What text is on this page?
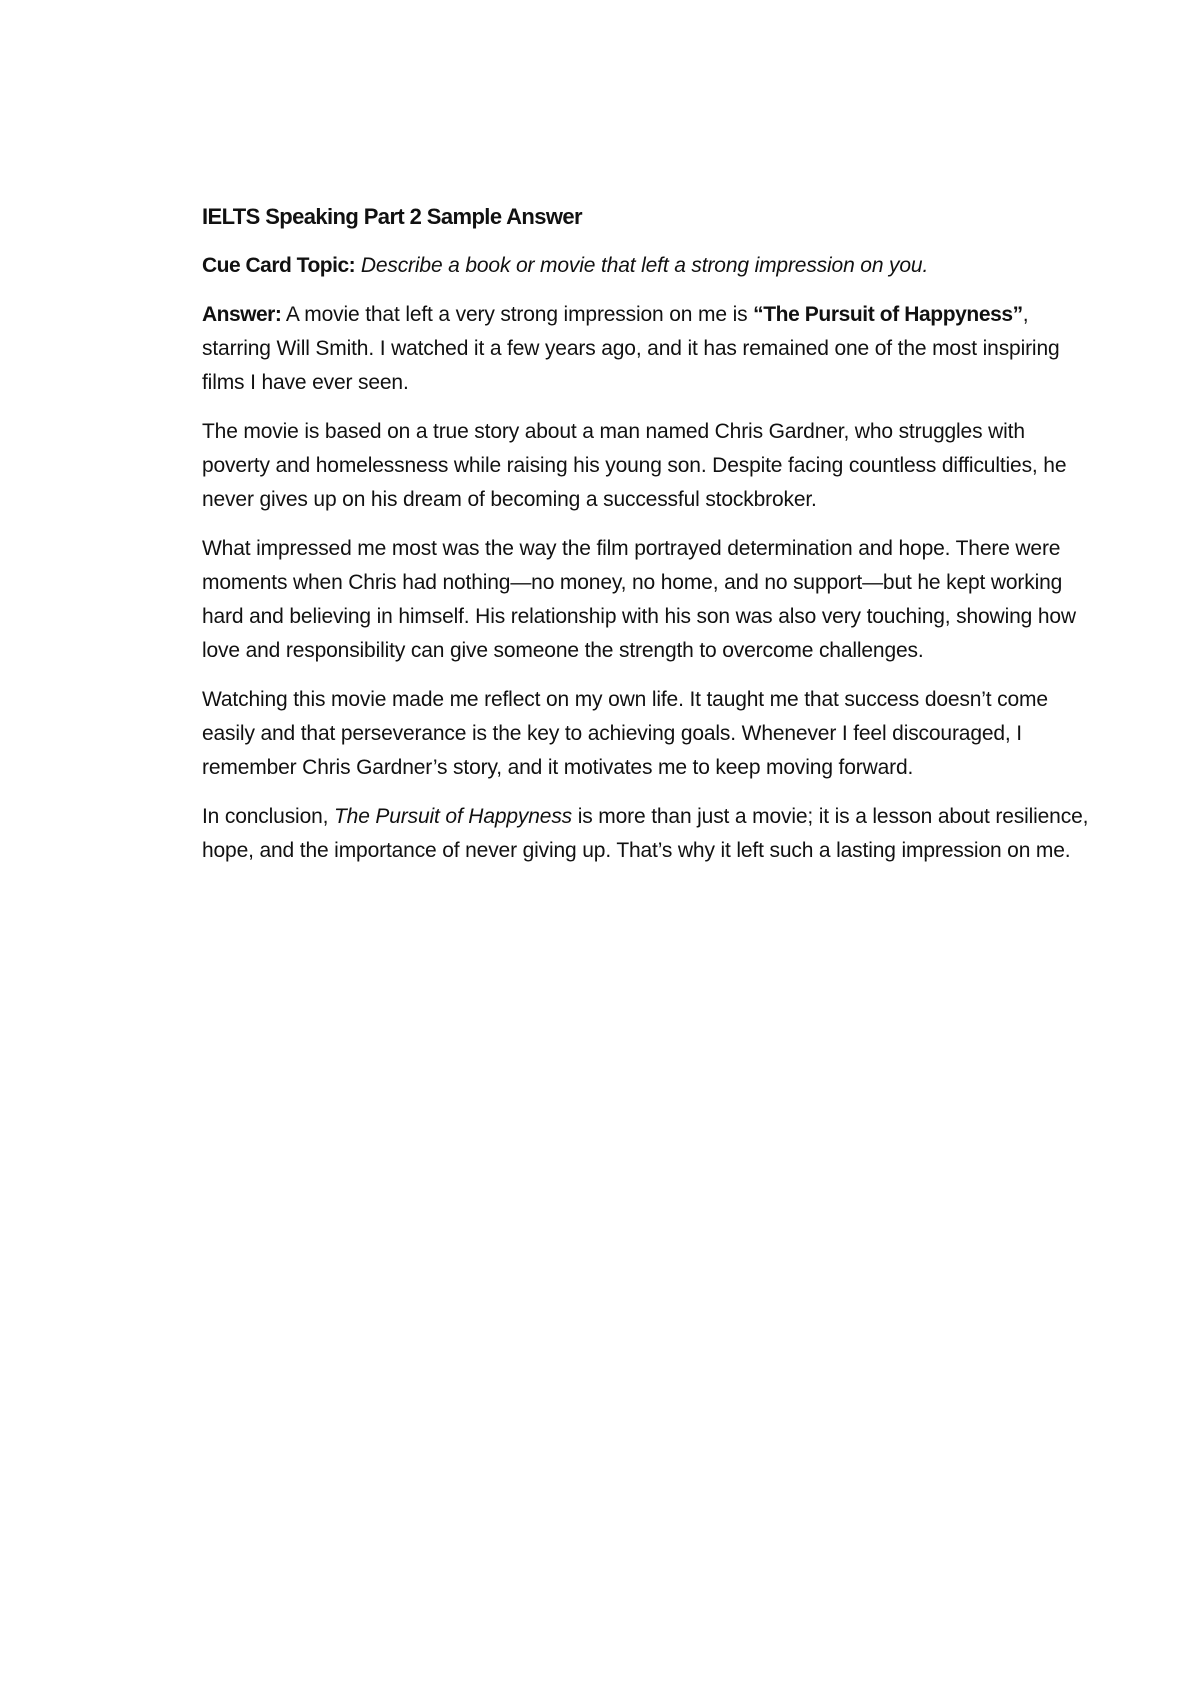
IELTS Speaking Part 2 Sample Answer

Cue Card Topic: Describe a book or movie that left a strong impression on you.

Answer: A movie that left a very strong impression on me is “The Pursuit of Happyness”, starring Will Smith. I watched it a few years ago, and it has remained one of the most inspiring films I have ever seen.

The movie is based on a true story about a man named Chris Gardner, who struggles with poverty and homelessness while raising his young son. Despite facing countless difficulties, he never gives up on his dream of becoming a successful stockbroker.

What impressed me most was the way the film portrayed determination and hope. There were moments when Chris had nothing—no money, no home, and no support—but he kept working hard and believing in himself. His relationship with his son was also very touching, showing how love and responsibility can give someone the strength to overcome challenges.

Watching this movie made me reflect on my own life. It taught me that success doesn’t come easily and that perseverance is the key to achieving goals. Whenever I feel discouraged, I remember Chris Gardner’s story, and it motivates me to keep moving forward.

In conclusion, The Pursuit of Happyness is more than just a movie; it is a lesson about resilience, hope, and the importance of never giving up. That’s why it left such a lasting impression on me.
